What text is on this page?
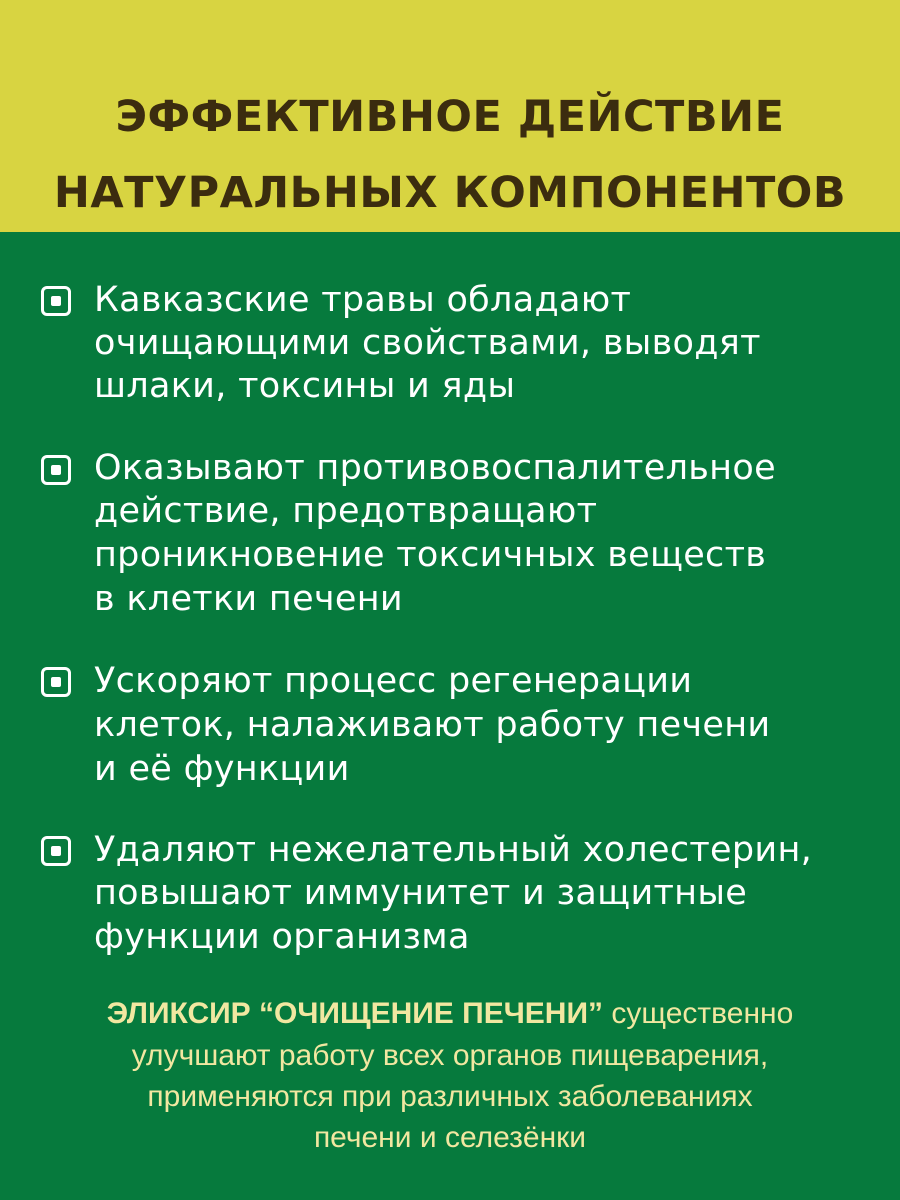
ЭФФЕКТИВНОЕ ДЕЙСТВИЕ
НАТУРАЛЬНЫХ КОМПОНЕНТОВ
Кавказские травы обладают
очищающими свойствами, выводят
шлаки, токсины и яды
Оказывают противовоспалительное
действие, предотвращают
проникновение токсичных веществ
в клетки печени
Ускоряют процесс регенерации
клеток, налаживают работу печени
и её функции
Удаляют нежелательный холестерин,
повышают иммунитет и защитные
функции организма
ЭЛИКСИР “ОЧИЩЕНИЕ ПЕЧЕНИ” существенно
улучшают работу всех органов пищеварения,
применяются при различных заболеваниях
печени и селезёнки
